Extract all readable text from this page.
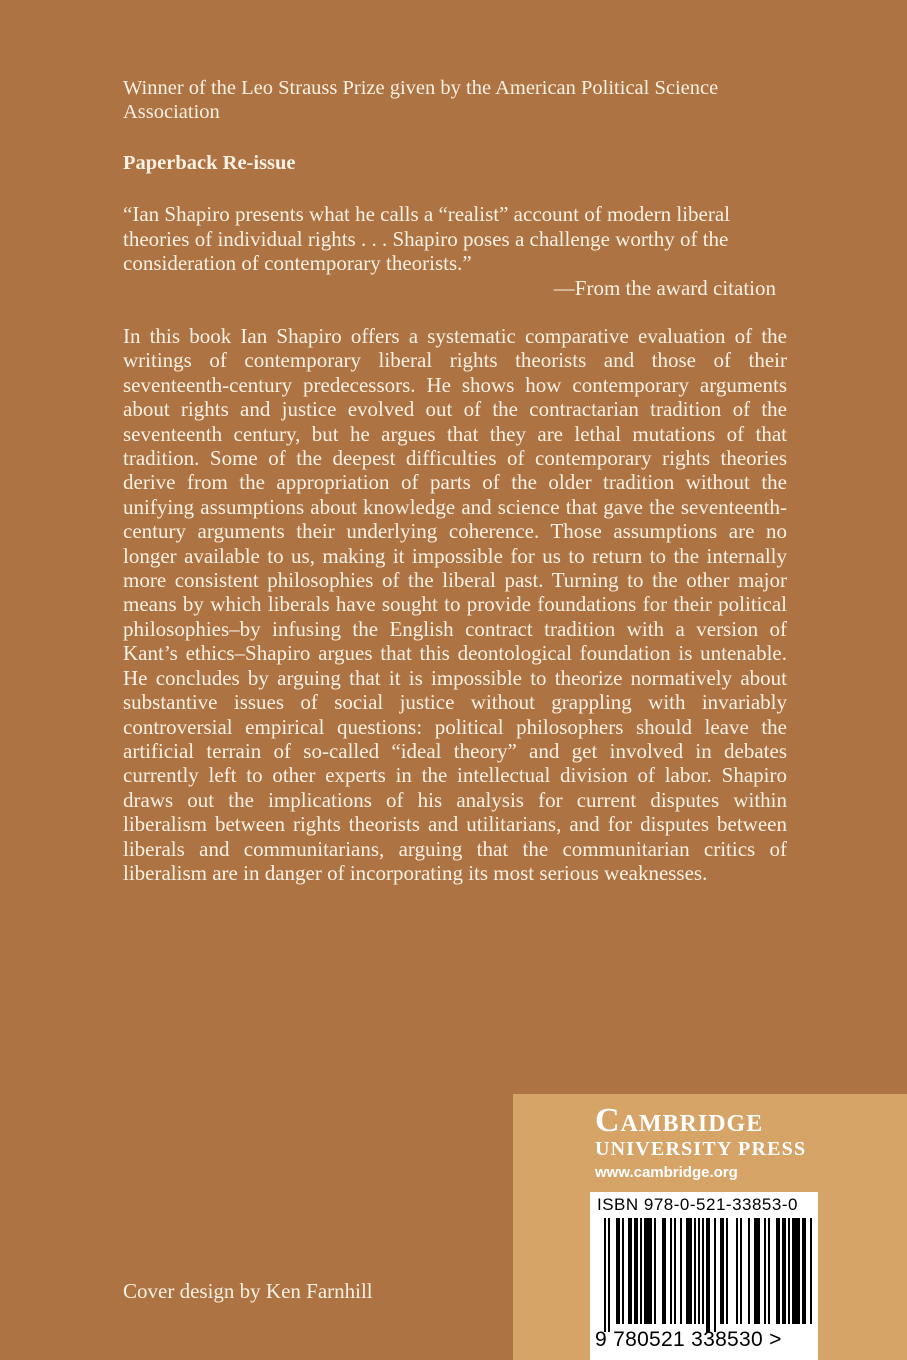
Winner of the Leo Strauss Prize given by the American Political Science Association

Paperback Re-issue

“Ian Shapiro presents what he calls a “realist” account of modern liberal theories of individual rights . . . Shapiro poses a challenge worthy of the consideration of contemporary theorists.”

—From the award citation

In this book Ian Shapiro offers a systematic comparative evaluation of the writings of contemporary liberal rights theorists and those of their seventeenth-century predecessors. He shows how contemporary arguments about rights and justice evolved out of the contractarian tradition of the seventeenth century, but he argues that they are lethal mutations of that tradition. Some of the deepest difficulties of contemporary rights theories derive from the appropriation of parts of the older tradition without the unifying assumptions about knowledge and science that gave the seventeenth-century arguments their underlying coherence. Those assumptions are no longer available to us, making it impossible for us to return to the internally more consistent philosophies of the liberal past. Turning to the other major means by which liberals have sought to provide foundations for their political philosophies–by infusing the English contract tradition with a version of Kant’s ethics–Shapiro argues that this deontological foundation is untenable. He concludes by arguing that it is impossible to theorize normatively about substantive issues of social justice without grappling with invariably controversial empirical questions: political philosophers should leave the artificial terrain of so-called “ideal theory” and get involved in debates currently left to other experts in the intellectual division of labor. Shapiro draws out the implications of his analysis for current disputes within liberalism between rights theorists and utilitarians, and for disputes between liberals and communitarians, arguing that the communitarian critics of liberalism are in danger of incorporating its most serious weaknesses.

Cover design by Ken Farnhill

Cambridge
UNIVERSITY PRESS
www.cambridge.org
ISBN 978-0-521-33853-0
9 780521 338530 >
